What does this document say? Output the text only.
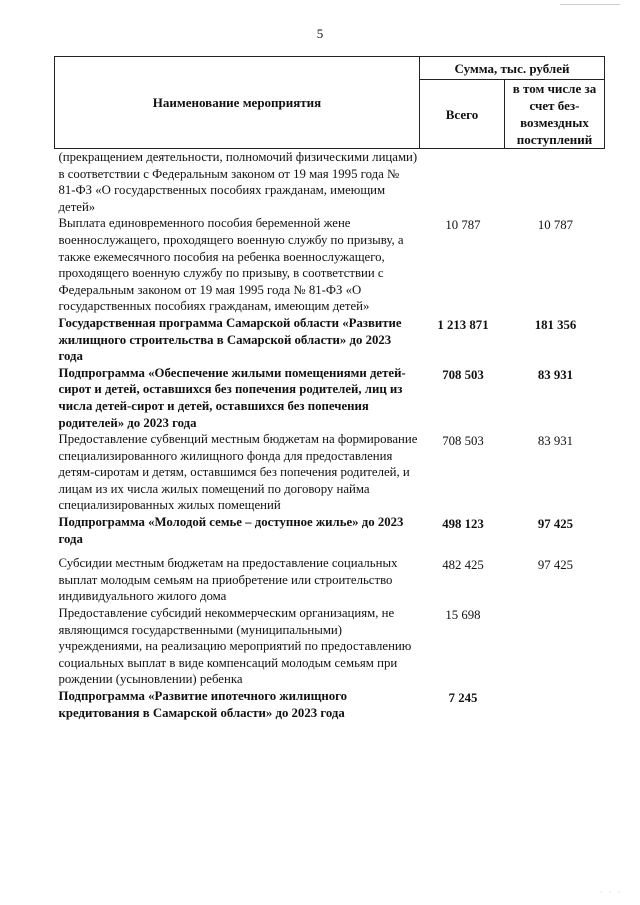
5
Наименование мероприятия	Сумма, тыс. рублей	
	Всего	в том числе за счет без-возмездных поступлений
(прекращением деятельности, полномочий физическими лицами) в соответствии с Федеральным законом от 19 мая 1995 года № 81-ФЗ «О государственных пособиях гражданам, имеющим детей»		
Выплата единовременного пособия беременной жене военнослужащего, проходящего военную службу по призыву, а также ежемесячного пособия на ребенка военнослужащего, проходящего военную службу по призыву, в соответствии с Федеральным законом от 19 мая 1995 года № 81-ФЗ «О государственных пособиях гражданам, имеющим детей»	10 787	10 787
Государственная программа Самарской области «Развитие жилищного строительства в Самарской области» до 2023 года	1 213 871	181 356
Подпрограмма «Обеспечение жилыми помещениями детей-сирот и детей, оставшихся без попечения родителей, лиц из числа детей-сирот и детей, оставшихся без попечения родителей» до 2023 года	708 503	83 931
Предоставление субвенций местным бюджетам на формирование специализированного жилищного фонда для предоставления детям-сиротам и детям, оставшимся без попечения родителей, и лицам из их числа жилых помещений по договору найма специализированных жилых помещений	708 503	83 931
Подпрограмма «Молодой семье – доступное жилье» до 2023 года	498 123	97 425
Субсидии местным бюджетам на предоставление социальных выплат молодым семьям на приобретение или строительство индивидуального жилого дома	482 425	97 425
Предоставление субсидий некоммерческим организациям, не являющимся государственными (муниципальными) учреждениями, на реализацию мероприятий по предоставлению социальных выплат в виде компенсаций молодым семьям при рождении (усыновлении) ребенка	15 698	
Подпрограмма «Развитие ипотечного жилищного кредитования в Самарской области» до 2023 года	7 245	
· · ·
